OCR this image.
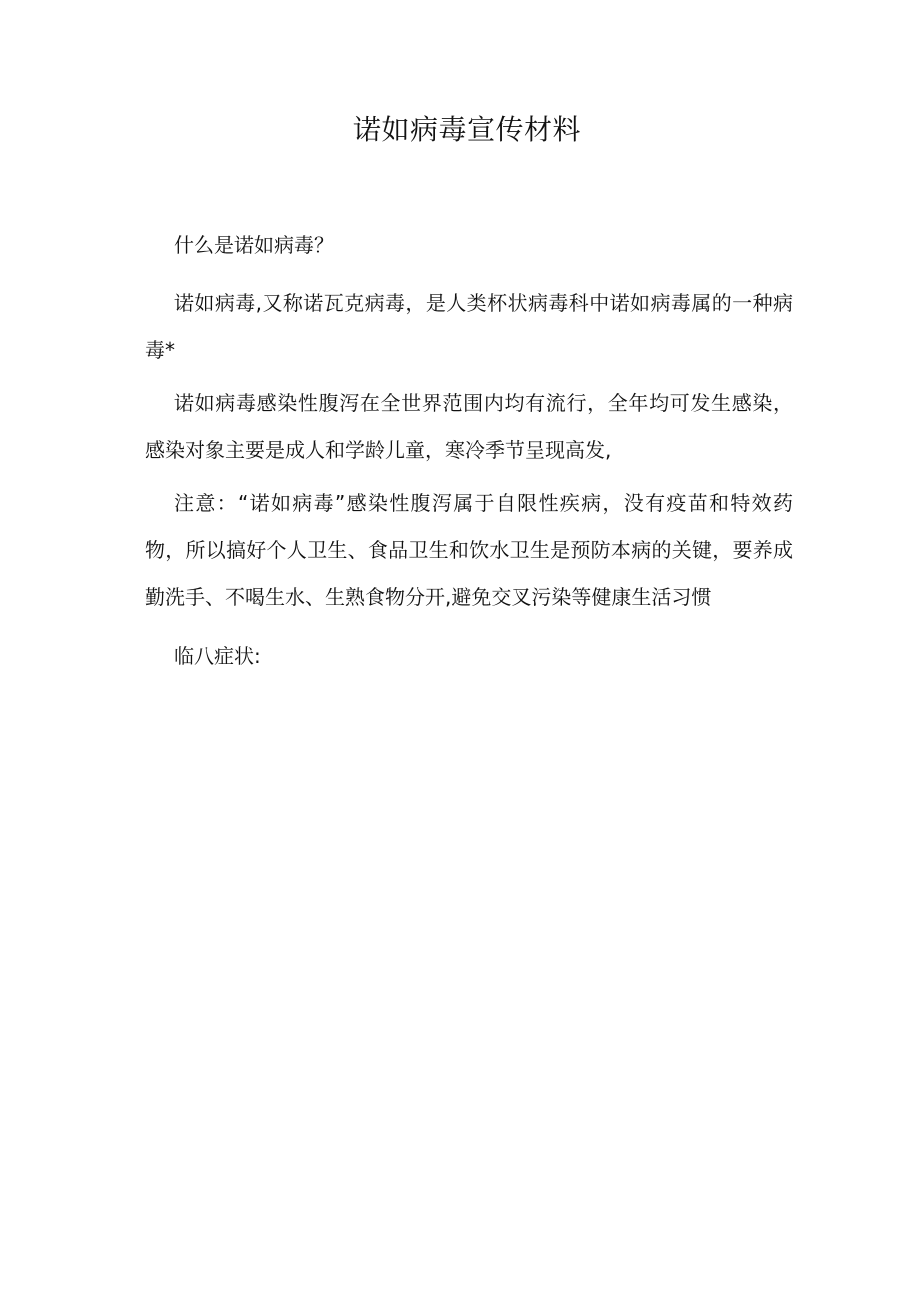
诺如病毒宣传材料

什么是诺如病毒？

诺如病毒,又称诺瓦克病毒，是人类杯状病毒科中诺如病毒属的一种病毒*

诺如病毒感染性腹泻在全世界范围内均有流行，全年均可发生感染，感染对象主要是成人和学龄儿童，寒冷季节呈现高发,

注意：“诺如病毒”感染性腹泻属于自限性疾病，没有疫苗和特效药物，所以搞好个人卫生、食品卫生和饮水卫生是预防本病的关键，要养成勤洗手、不喝生水、生熟食物分开,避免交叉污染等健康生活习惯

临八症状:
